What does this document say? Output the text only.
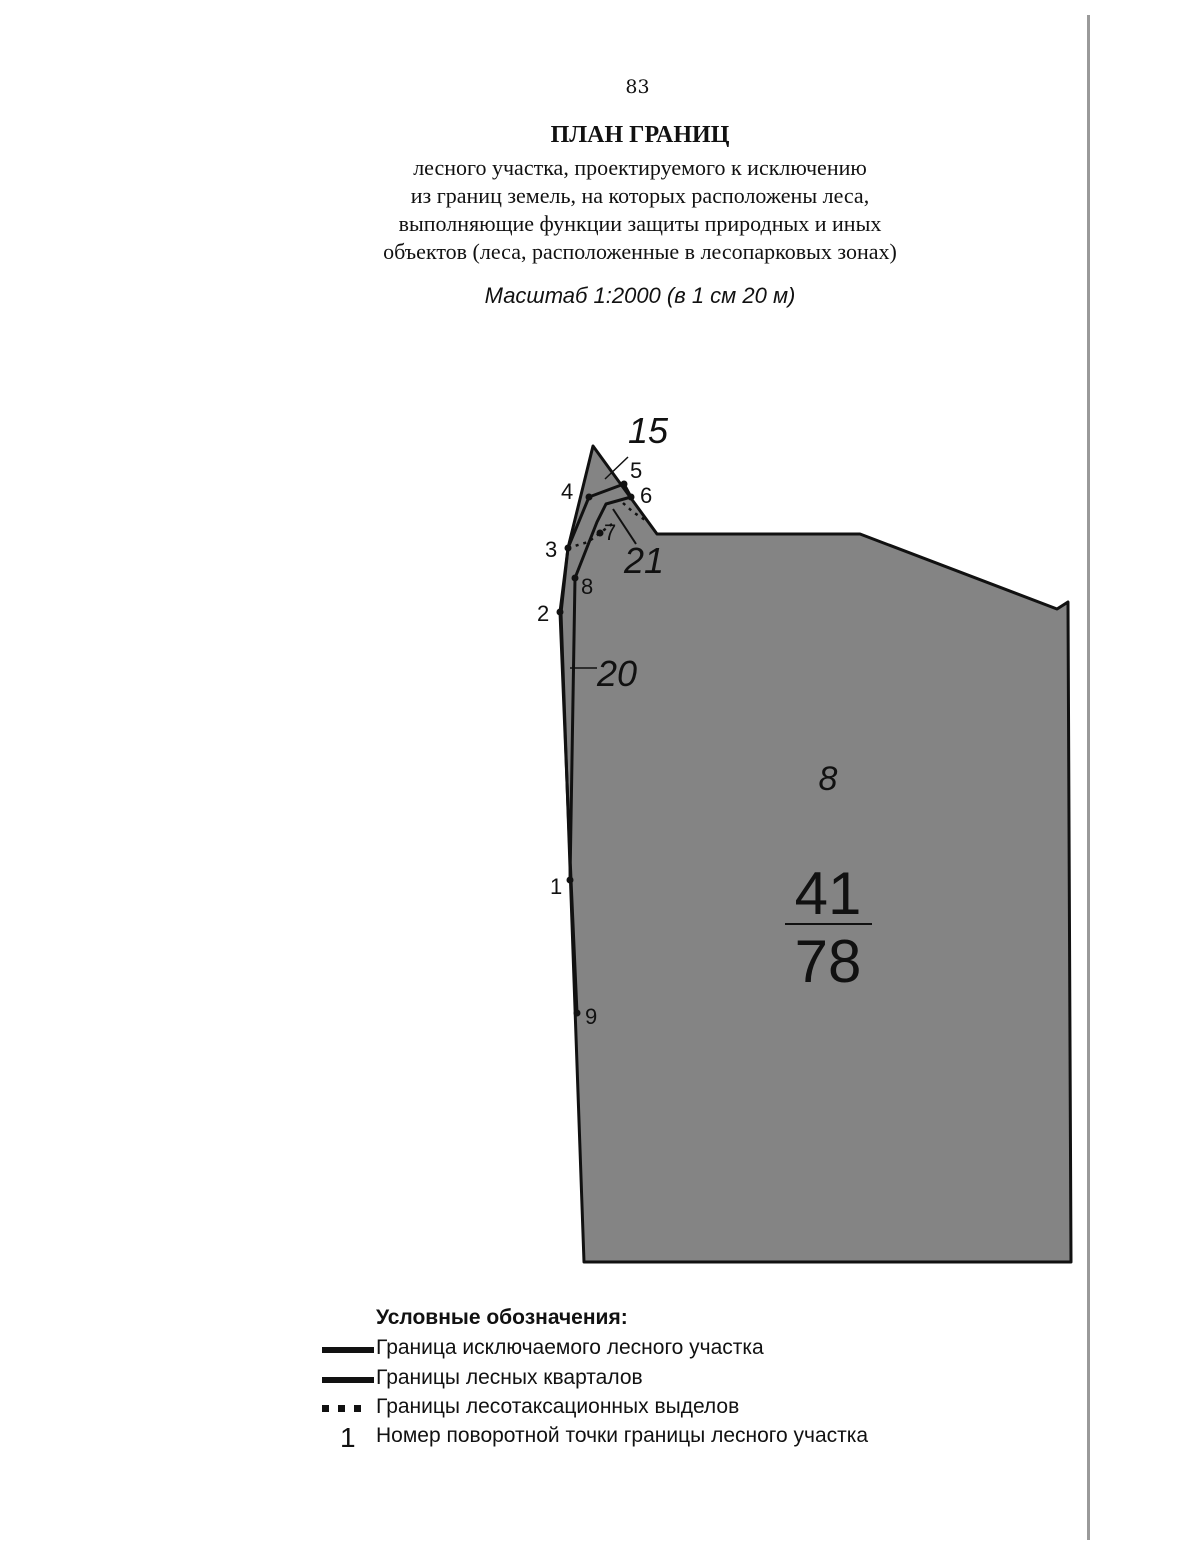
83
ПЛАН ГРАНИЦ
лесного участка, проектируемого к исключению
из границ земель, на которых расположены леса,
выполняющие функции защиты природных и иных
объектов (леса, расположенные в лесопарковых зонах)
Масштаб 1:2000 (в 1 см 20 м)
1
2
3
4
5
6
7
8
9
15
21
20
8
41
78
Условные обозначения:
Граница исключаемого лесного участка
Границы лесных кварталов
Границы лесотаксационных выделов
1 Номер поворотной точки границы лесного участка
